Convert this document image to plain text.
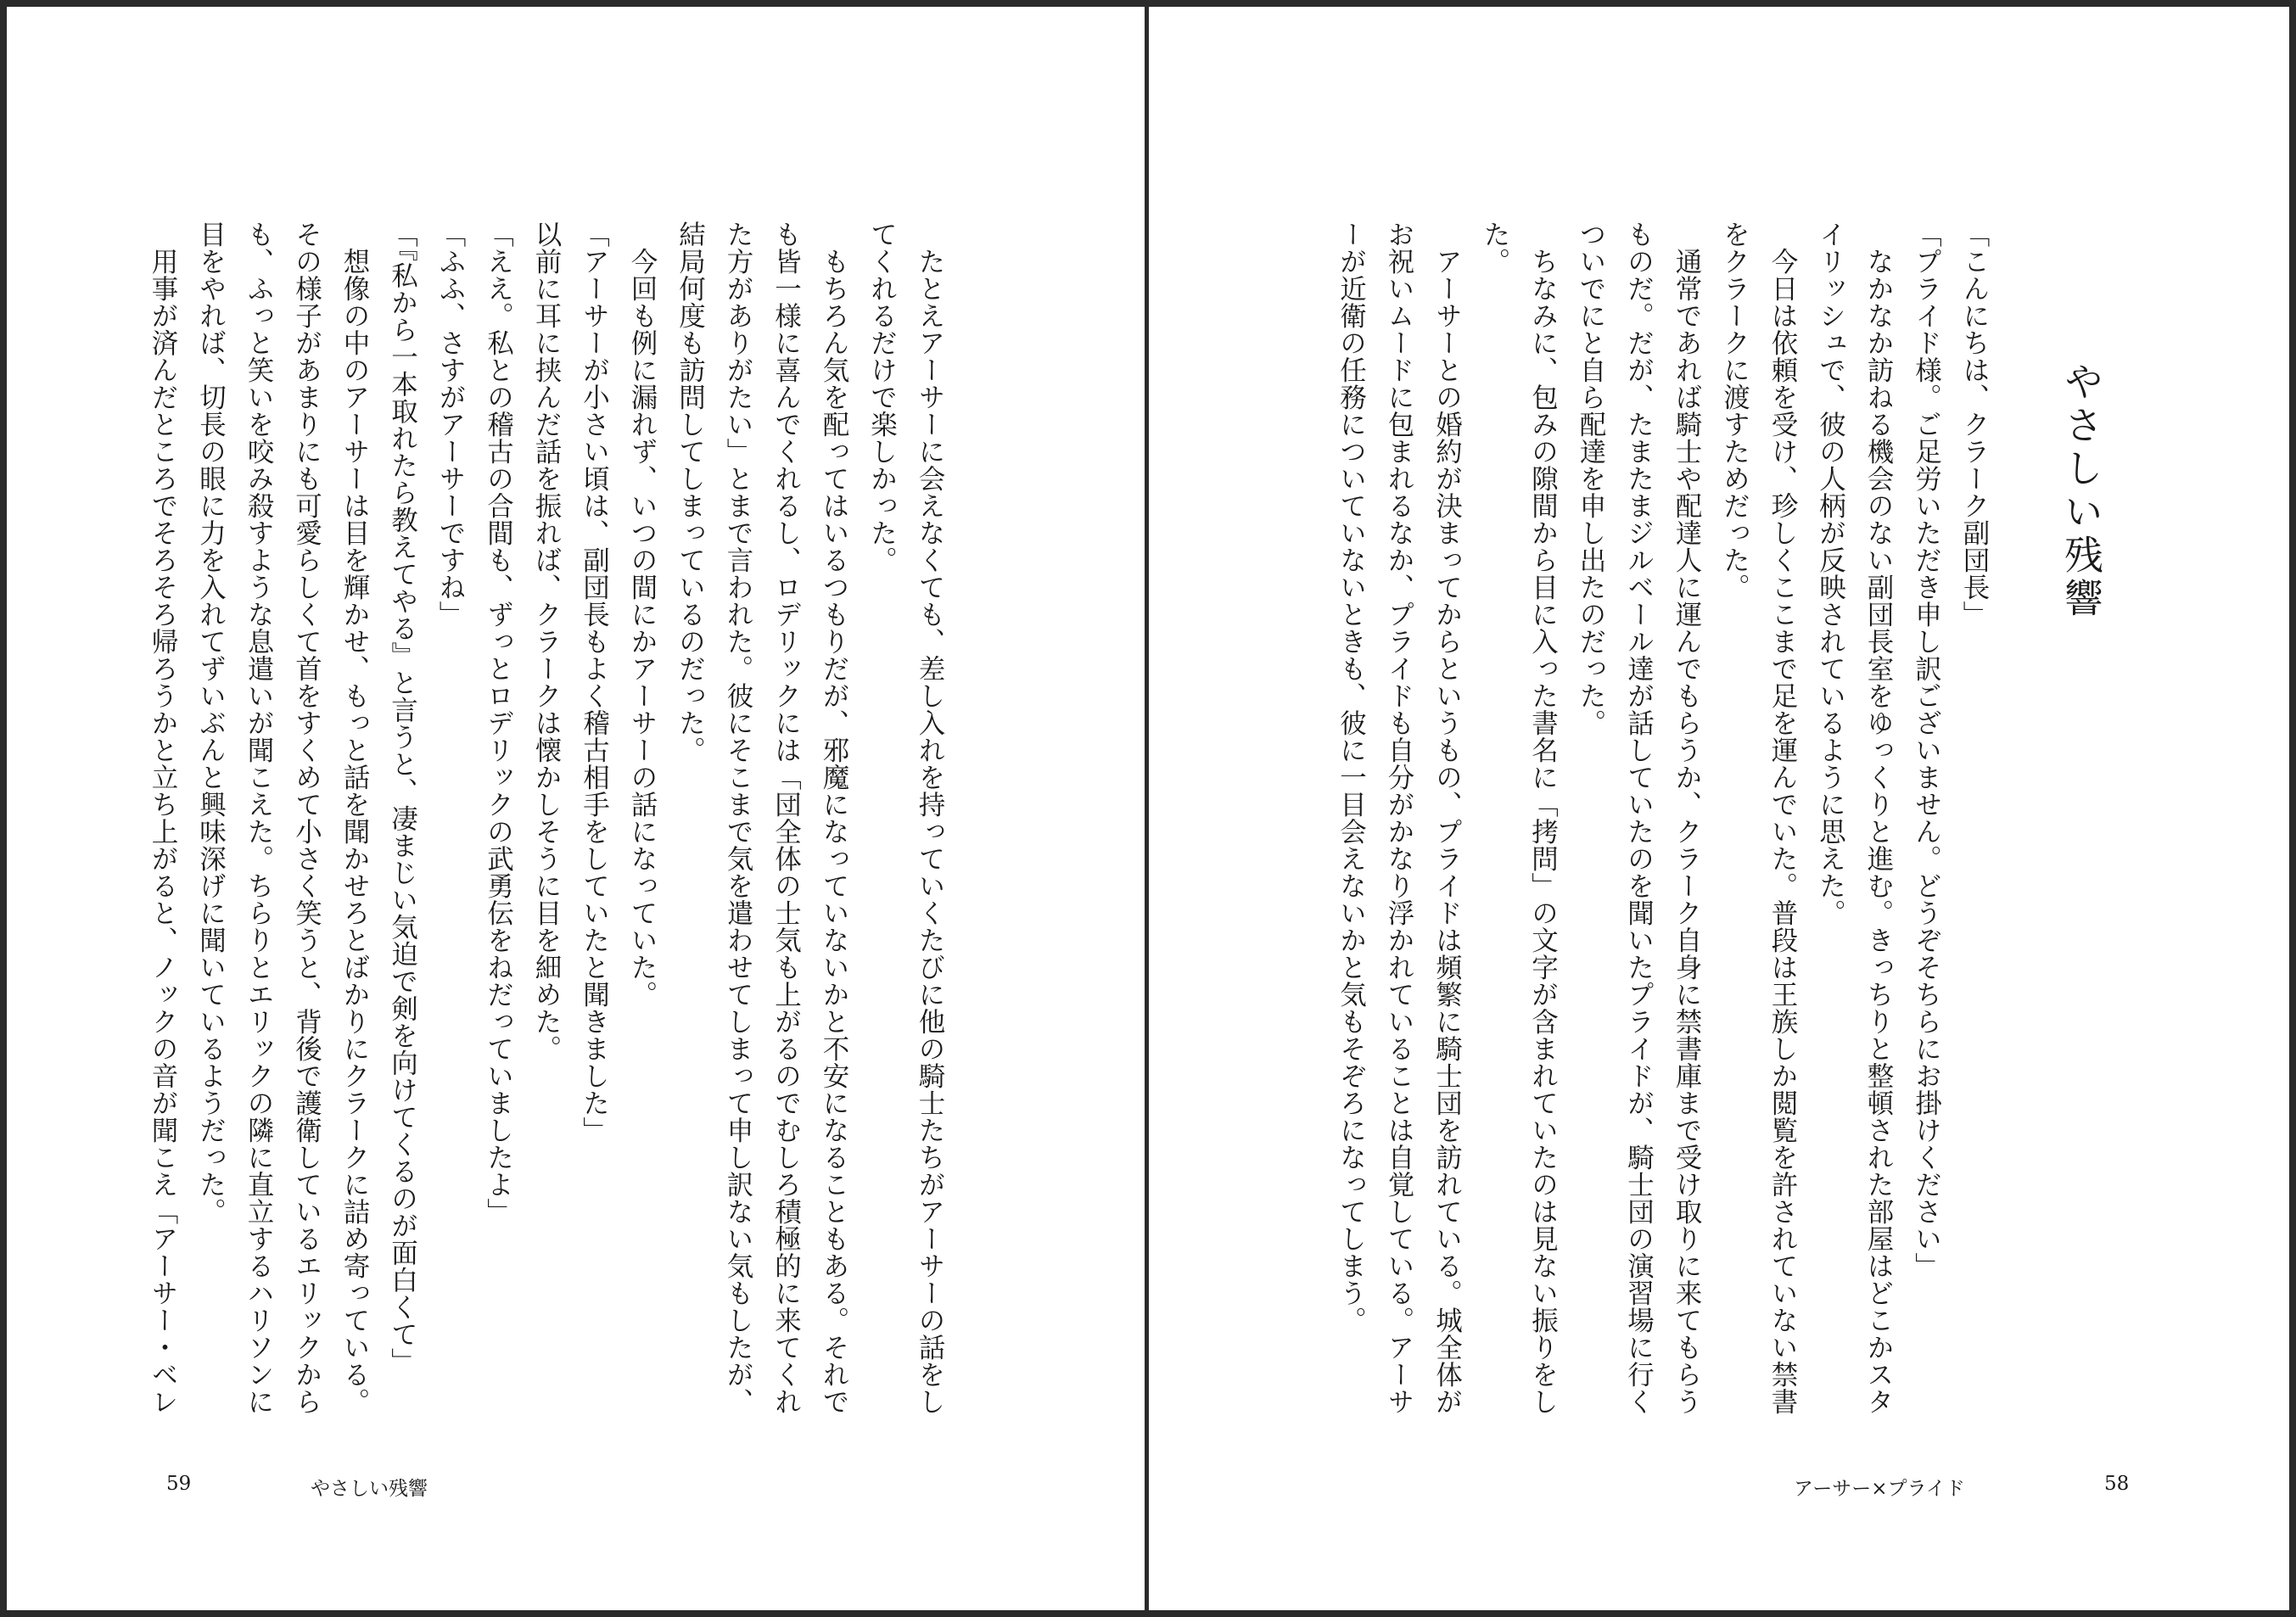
たとえアーサーに会えなくても、差し入れを持っていくたびに他の騎士たちがアーサーの話をしてくれるだけで楽しかった。

もちろん気を配ってはいるつもりだが、邪魔になっていないかと不安になることもある。それでも皆一様に喜んでくれるし、ロデリックには「団全体の士気も上がるのでむしろ積極的に来てくれた方がありがたい」とまで言われた。彼にそこまで気を遣わせてしまって申し訳ない気もしたが、結局何度も訪問してしまっているのだった。

今回も例に漏れず、いつの間にかアーサーの話になっていた。

「アーサーが小さい頃は、副団長もよく稽古相手をしていたと聞きました」

以前に耳に挟んだ話を振れば、クラークは懐かしそうに目を細めた。

「ええ。私との稽古の合間も、ずっとロデリックの武勇伝をねだっていましたよ」

「ふふ、さすがアーサーですね」

「『私から一本取れたら教えてやる』と言うと、凄まじい気迫で剣を向けてくるのが面白くて」

想像の中のアーサーは目を輝かせ、もっと話を聞かせろとばかりにクラークに詰め寄っている。その様子があまりにも可愛らしくて首をすくめて小さく笑うと、背後で護衛しているエリックからも、ふっと笑いを咬み殺すような息遣いが聞こえた。ちらりとエリックの隣に直立するハリソンに目をやれば、切長の眼に力を入れてずいぶんと興味深げに聞いているようだった。

用事が済んだところでそろそろ帰ろうかと立ち上がると、ノックの音が聞こえ「アーサー・ベレ

59	やさしい残響
やさしい残響

「こんにちは、クラーク副団長」

「プライド様。ご足労いただき申し訳ございません。どうぞそちらにお掛けください」

なかなか訪ねる機会のない副団長室をゆっくりと進む。きっちりと整頓された部屋はどこかスタイリッシュで、彼の人柄が反映されているように思えた。

今日は依頼を受け、珍しくここまで足を運んでいた。普段は王族しか閲覧を許されていない禁書をクラークに渡すためだった。

通常であれば騎士や配達人に運んでもらうか、クラーク自身に禁書庫まで受け取りに来てもらうものだ。だが、たまたまジルベール達が話していたのを聞いたプライドが、騎士団の演習場に行くついでにと自ら配達を申し出たのだった。

ちなみに、包みの隙間から目に入った書名に「拷問」の文字が含まれていたのは見ない振りをした。

アーサーとの婚約が決まってからというもの、プライドは頻繁に騎士団を訪れている。城全体がお祝いムードに包まれるなか、プライドも自分がかなり浮かれていることは自覚している。アーサーが近衛の任務についていないときも、彼に一目会えないかと気もそぞろになってしまう。

アーサー×プライド	58
